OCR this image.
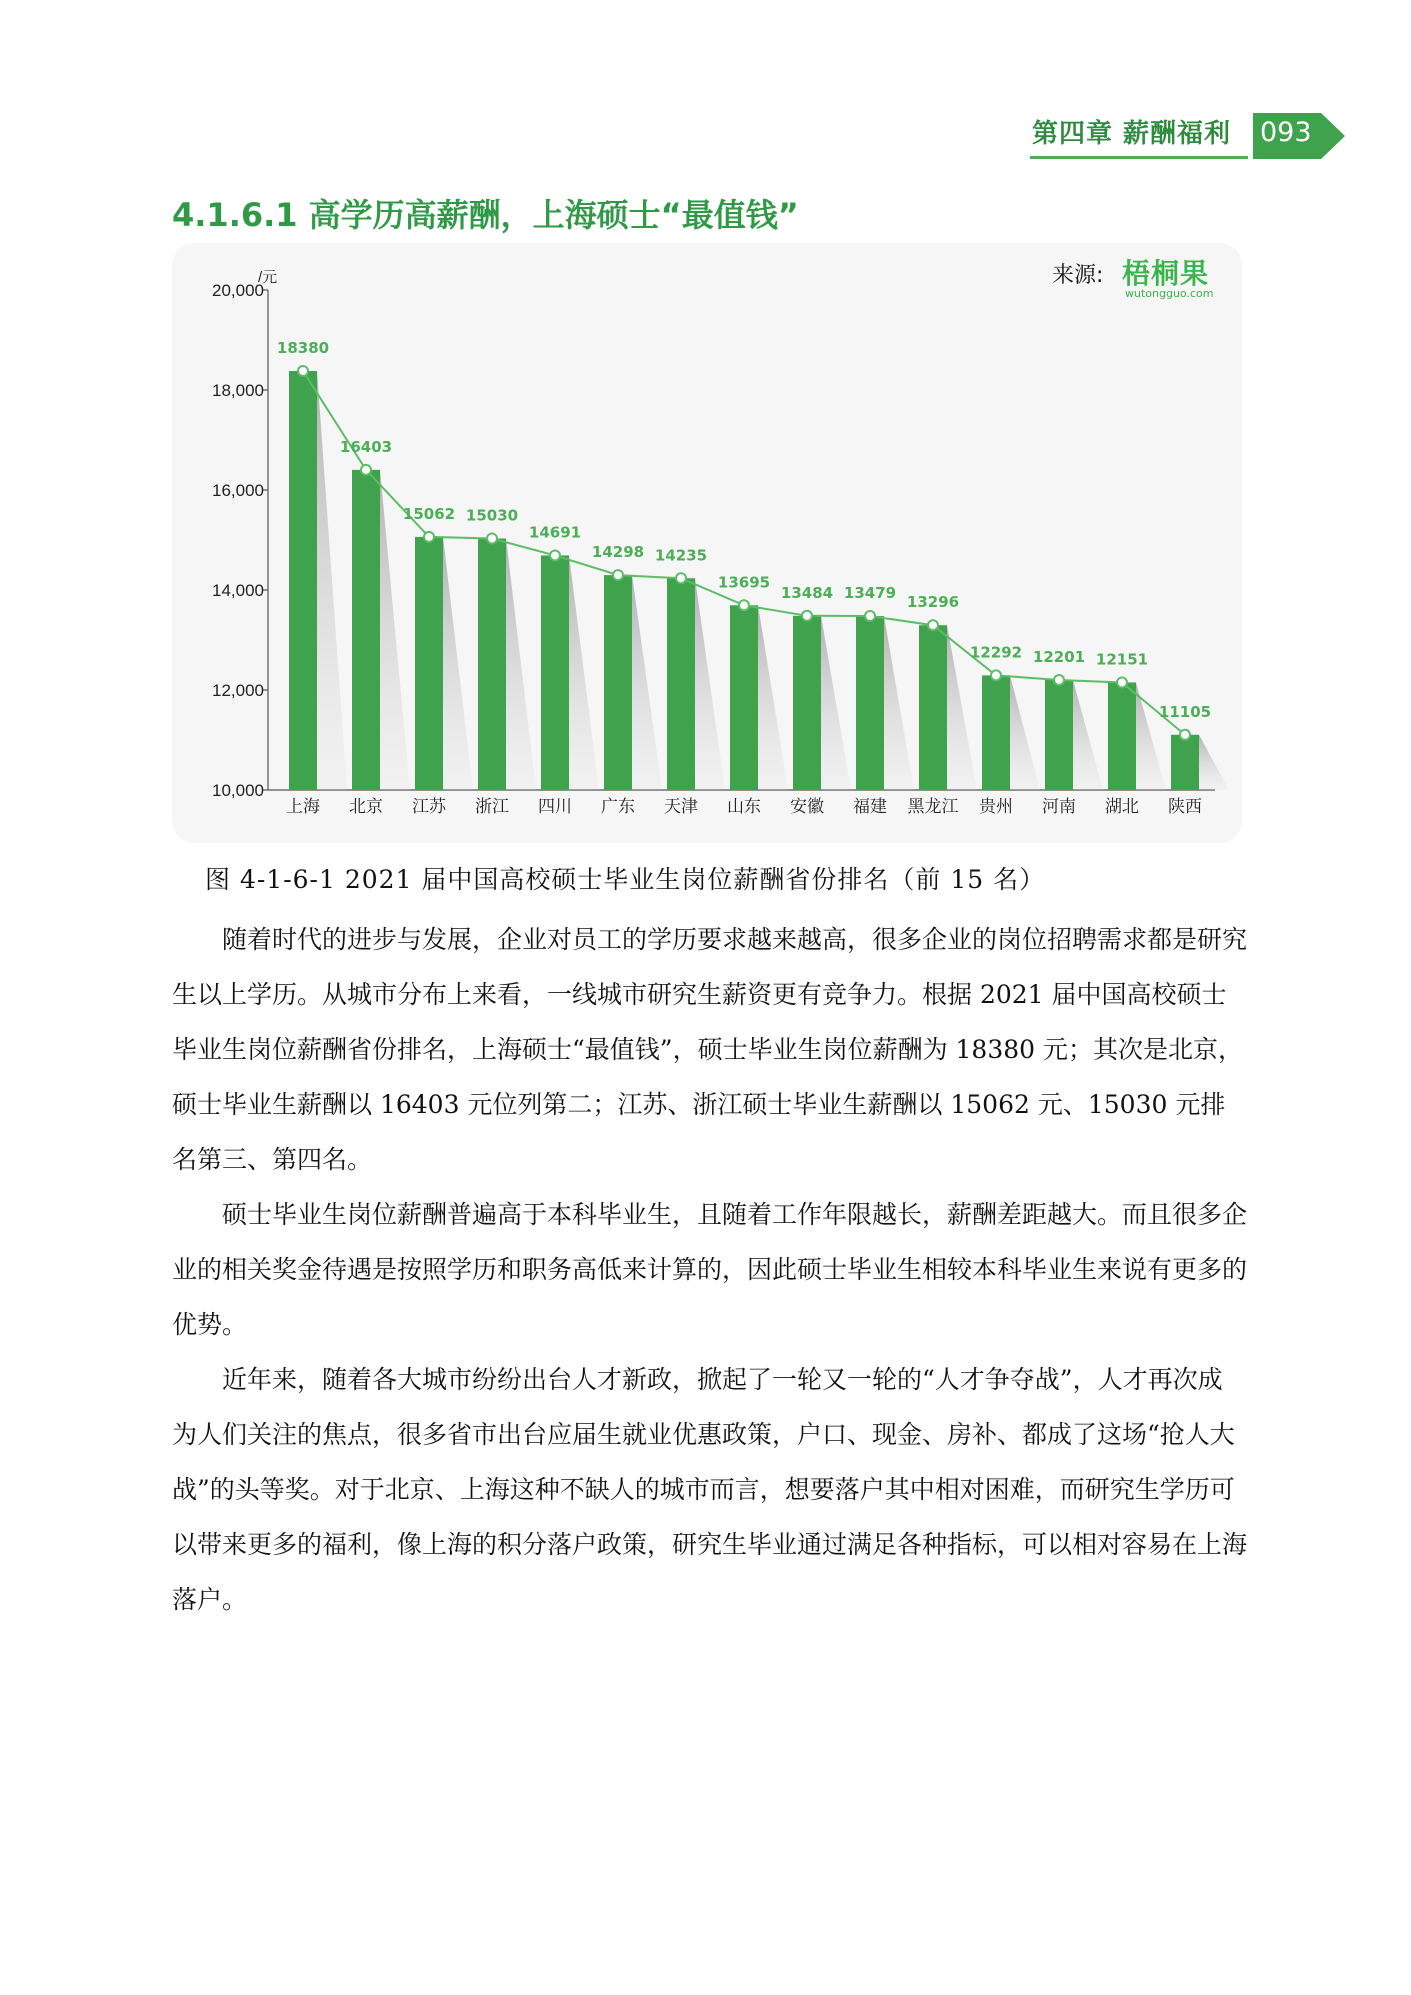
第四章 薪酬福利 093
4.1.6.1 高学历高薪酬，上海硕士“最值钱”
10,000
12,000
14,000
16,000
18,000
20,000
/元
18380
16403
15062 15030
14691
14298 14235
13695
13484 13479
13296
12292 12201 12151
11105
上海 北京 江苏 浙江 四川 广东 天津 山东 安徽 福建 黑龙江 贵州 河南 湖北 陕西
来源: 梧桐果
wutongguo.com
图 4-1-6-1 2021 届中国高校硕士毕业生岗位薪酬省份排名（前 15 名）

随着时代的进步与发展，企业对员工的学历要求越来越高，很多企业的岗位招聘需求都是研究生以上学历。从城市分布上来看，一线城市研究生薪资更有竞争力。根据 2021 届中国高校硕士毕业生岗位薪酬省份排名，上海硕士“最值钱”，硕士毕业生岗位薪酬为 18380 元；其次是北京，硕士毕业生薪酬以 16403 元位列第二；江苏、浙江硕士毕业生薪酬以 15062 元、15030 元排名第三、第四名。

硕士毕业生岗位薪酬普遍高于本科毕业生，且随着工作年限越长，薪酬差距越大。而且很多企业的相关奖金待遇是按照学历和职务高低来计算的，因此硕士毕业生相较本科毕业生来说有更多的优势。

近年来，随着各大城市纷纷出台人才新政，掀起了一轮又一轮的“人才争夺战”，人才再次成为人们关注的焦点，很多省市出台应届生就业优惠政策，户口、现金、房补、都成了这场“抢人大战”的头等奖。对于北京、上海这种不缺人的城市而言，想要落户其中相对困难，而研究生学历可以带来更多的福利，像上海的积分落户政策，研究生毕业通过满足各种指标，可以相对容易在上海落户。
